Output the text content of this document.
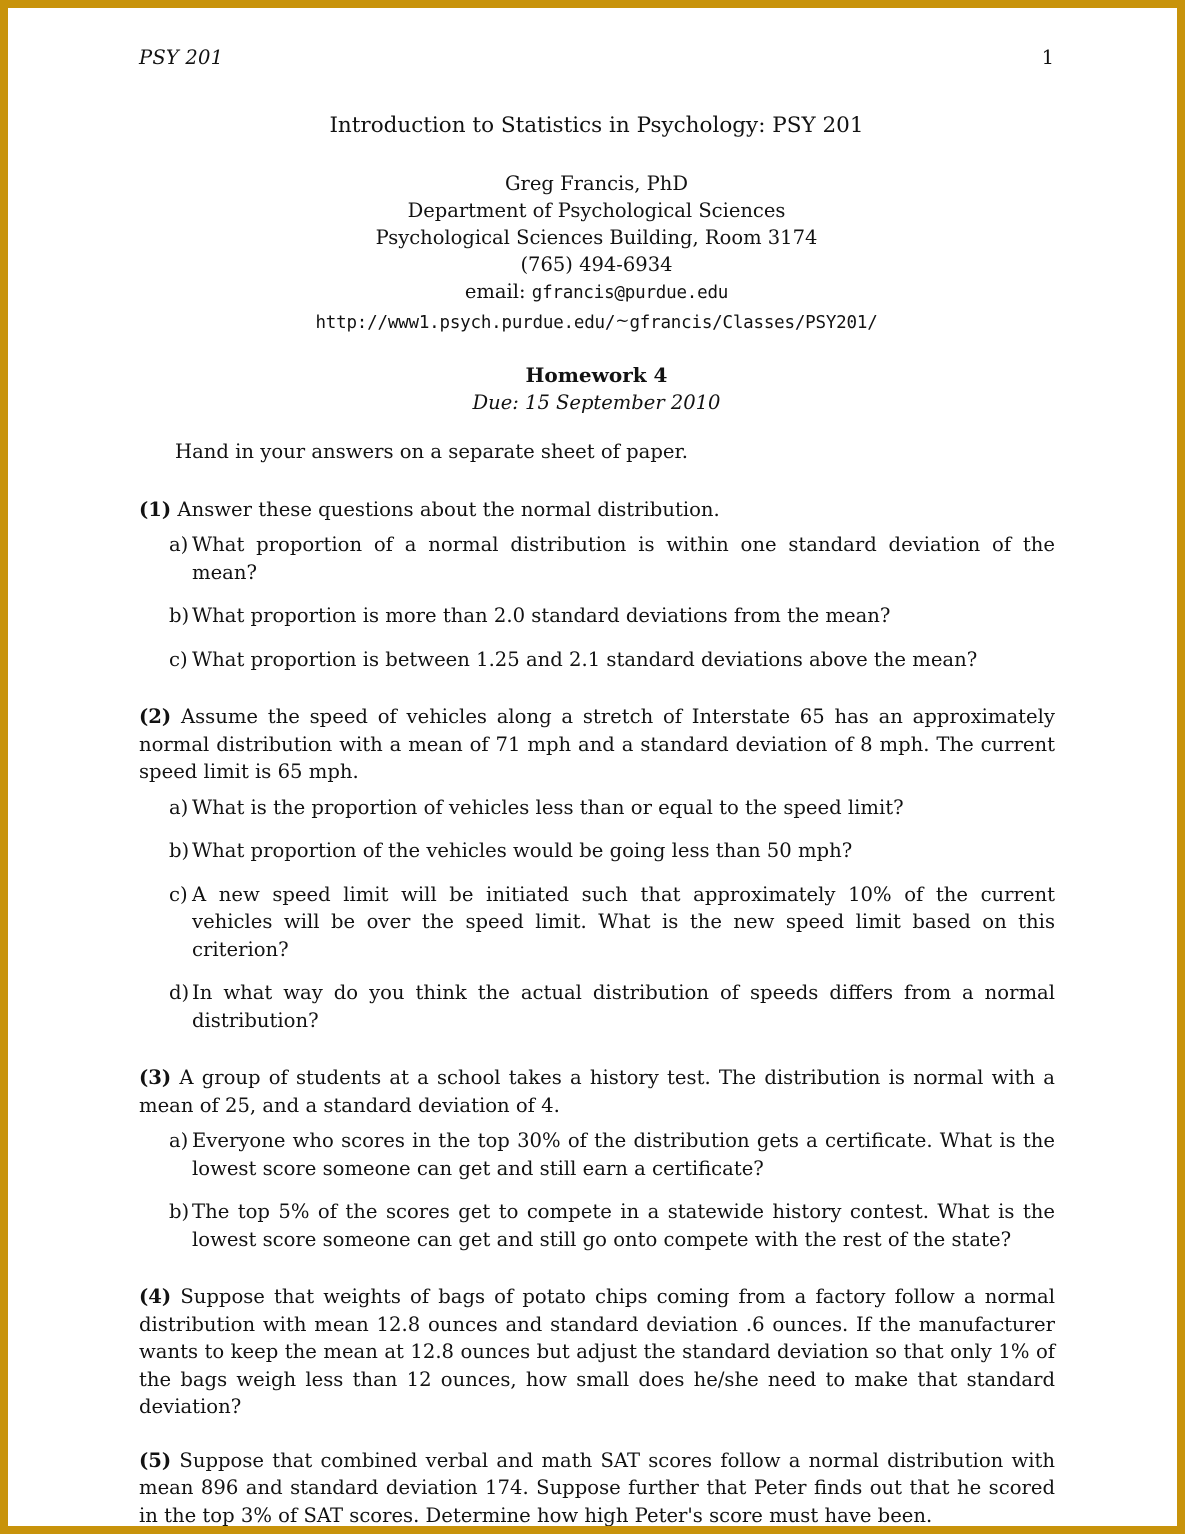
PSY 201	1
Introduction to Statistics in Psychology: PSY 201
Greg Francis, PhD
Department of Psychological Sciences
Psychological Sciences Building, Room 3174
(765) 494-6934
email: gfrancis@purdue.edu
http://www1.psych.purdue.edu/~gfrancis/Classes/PSY201/
Homework 4
Due: 15 September 2010

Hand in your answers on a separate sheet of paper.

(1) Answer these questions about the normal distribution.

a) What proportion of a normal distribution is within one standard deviation of the mean?
b) What proportion is more than 2.0 standard deviations from the mean?
c) What proportion is between 1.25 and 2.1 standard deviations above the mean?

(2) Assume the speed of vehicles along a stretch of Interstate 65 has an approximately normal distribution with a mean of 71 mph and a standard deviation of 8 mph. The current speed limit is 65 mph.

a) What is the proportion of vehicles less than or equal to the speed limit?
b) What proportion of the vehicles would be going less than 50 mph?
c) A new speed limit will be initiated such that approximately 10% of the current vehicles will be over the speed limit. What is the new speed limit based on this criterion?
d) In what way do you think the actual distribution of speeds differs from a normal distribution?

(3) A group of students at a school takes a history test. The distribution is normal with a mean of 25, and a standard deviation of 4.

a) Everyone who scores in the top 30% of the distribution gets a certificate. What is the lowest score someone can get and still earn a certificate?
b) The top 5% of the scores get to compete in a statewide history contest. What is the lowest score someone can get and still go onto compete with the rest of the state?

(4) Suppose that weights of bags of potato chips coming from a factory follow a normal distribution with mean 12.8 ounces and standard deviation .6 ounces. If the manufacturer wants to keep the mean at 12.8 ounces but adjust the standard deviation so that only 1% of the bags weigh less than 12 ounces, how small does he/she need to make that standard deviation?

(5) Suppose that combined verbal and math SAT scores follow a normal distribution with mean 896 and standard deviation 174. Suppose further that Peter finds out that he scored in the top 3% of SAT scores. Determine how high Peter's score must have been.
